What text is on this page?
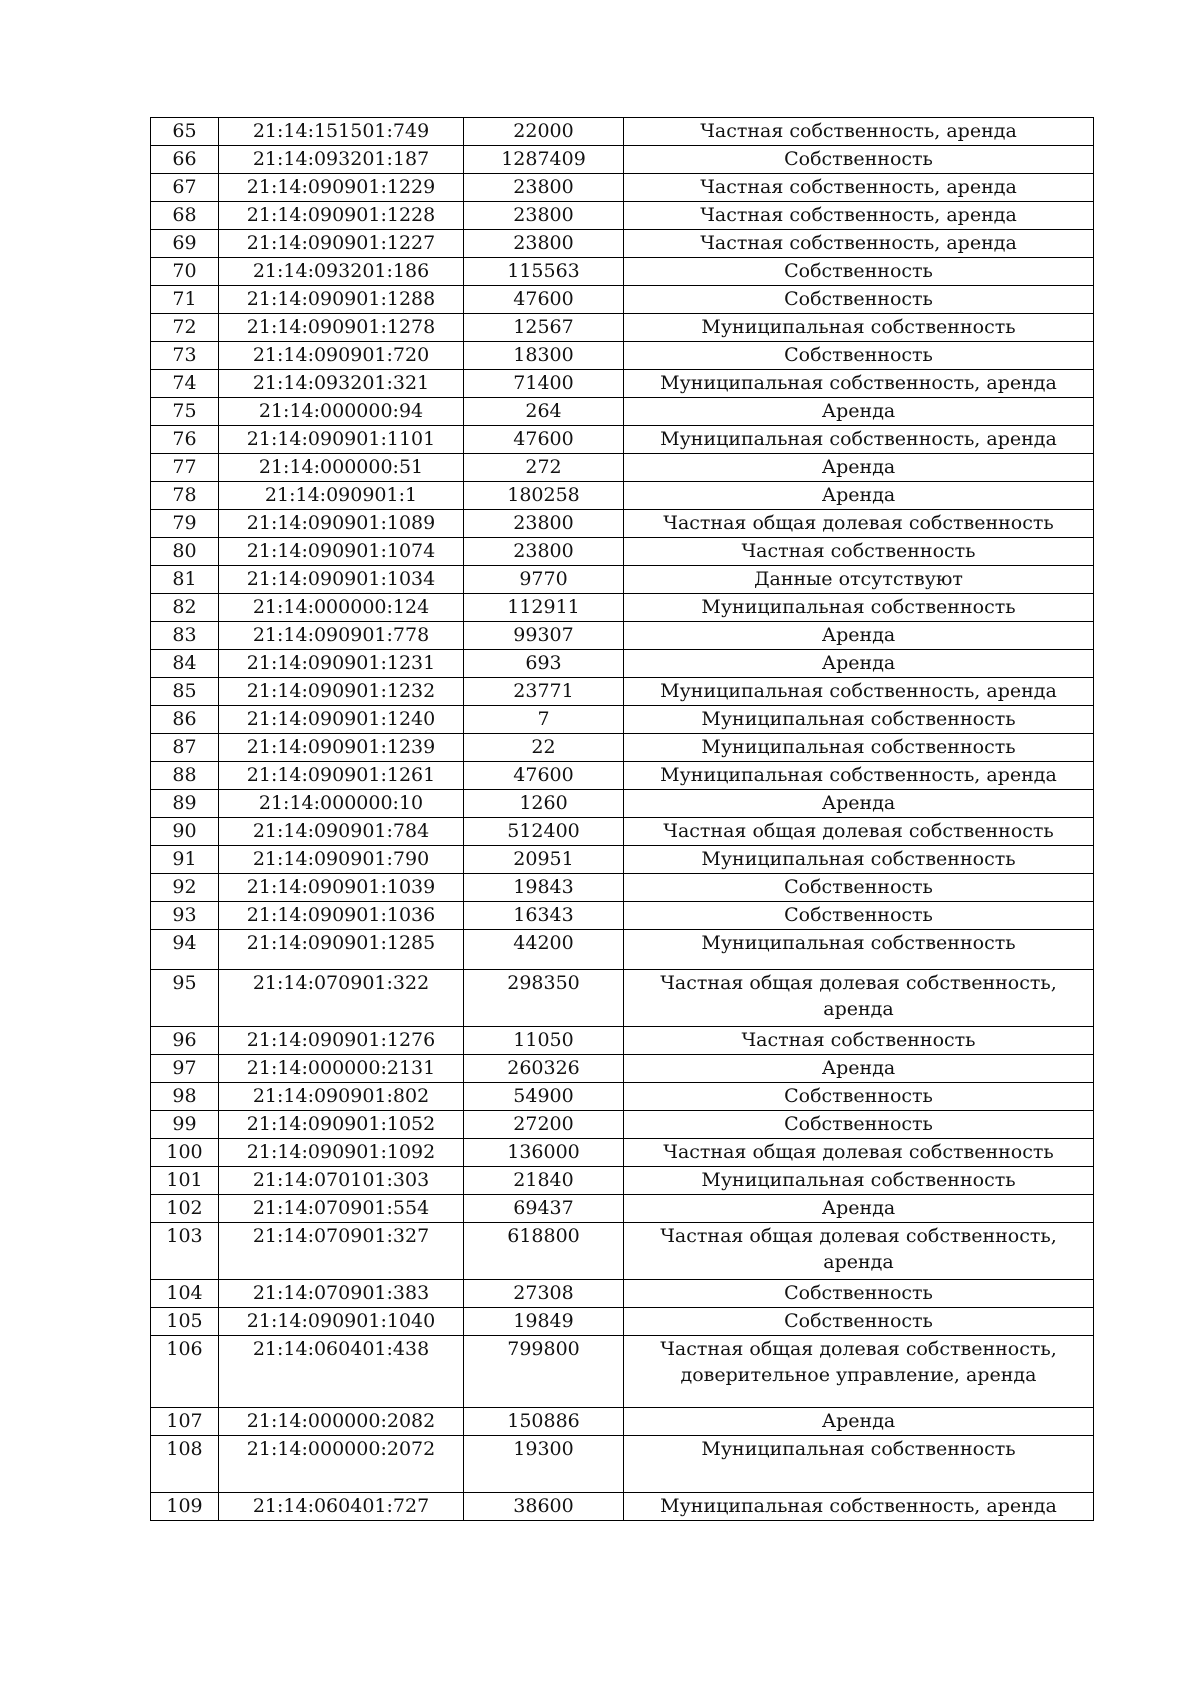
65	21:14:151501:749	22000	Частная собственность, аренда
66	21:14:093201:187	1287409	Собственность
67	21:14:090901:1229	23800	Частная собственность, аренда
68	21:14:090901:1228	23800	Частная собственность, аренда
69	21:14:090901:1227	23800	Частная собственность, аренда
70	21:14:093201:186	115563	Собственность
71	21:14:090901:1288	47600	Собственность
72	21:14:090901:1278	12567	Муниципальная собственность
73	21:14:090901:720	18300	Собственность
74	21:14:093201:321	71400	Муниципальная собственность, аренда
75	21:14:000000:94	264	Аренда
76	21:14:090901:1101	47600	Муниципальная собственность, аренда
77	21:14:000000:51	272	Аренда
78	21:14:090901:1	180258	Аренда
79	21:14:090901:1089	23800	Частная общая долевая собственность
80	21:14:090901:1074	23800	Частная собственность
81	21:14:090901:1034	9770	Данные отсутствуют
82	21:14:000000:124	112911	Муниципальная собственность
83	21:14:090901:778	99307	Аренда
84	21:14:090901:1231	693	Аренда
85	21:14:090901:1232	23771	Муниципальная собственность, аренда
86	21:14:090901:1240	7	Муниципальная собственность
87	21:14:090901:1239	22	Муниципальная собственность
88	21:14:090901:1261	47600	Муниципальная собственность, аренда
89	21:14:000000:10	1260	Аренда
90	21:14:090901:784	512400	Частная общая долевая собственность
91	21:14:090901:790	20951	Муниципальная собственность
92	21:14:090901:1039	19843	Собственность
93	21:14:090901:1036	16343	Собственность
94	21:14:090901:1285	44200	Муниципальная собственность
95	21:14:070901:322	298350	Частная общая долевая собственность, аренда
96	21:14:090901:1276	11050	Частная собственность
97	21:14:000000:2131	260326	Аренда
98	21:14:090901:802	54900	Собственность
99	21:14:090901:1052	27200	Собственность
100	21:14:090901:1092	136000	Частная общая долевая собственность
101	21:14:070101:303	21840	Муниципальная собственность
102	21:14:070901:554	69437	Аренда
103	21:14:070901:327	618800	Частная общая долевая собственность, аренда
104	21:14:070901:383	27308	Собственность
105	21:14:090901:1040	19849	Собственность
106	21:14:060401:438	799800	Частная общая долевая собственность, доверительное управление, аренда
107	21:14:000000:2082	150886	Аренда
108	21:14:000000:2072	19300	Муниципальная собственность
109	21:14:060401:727	38600	Муниципальная собственность, аренда
